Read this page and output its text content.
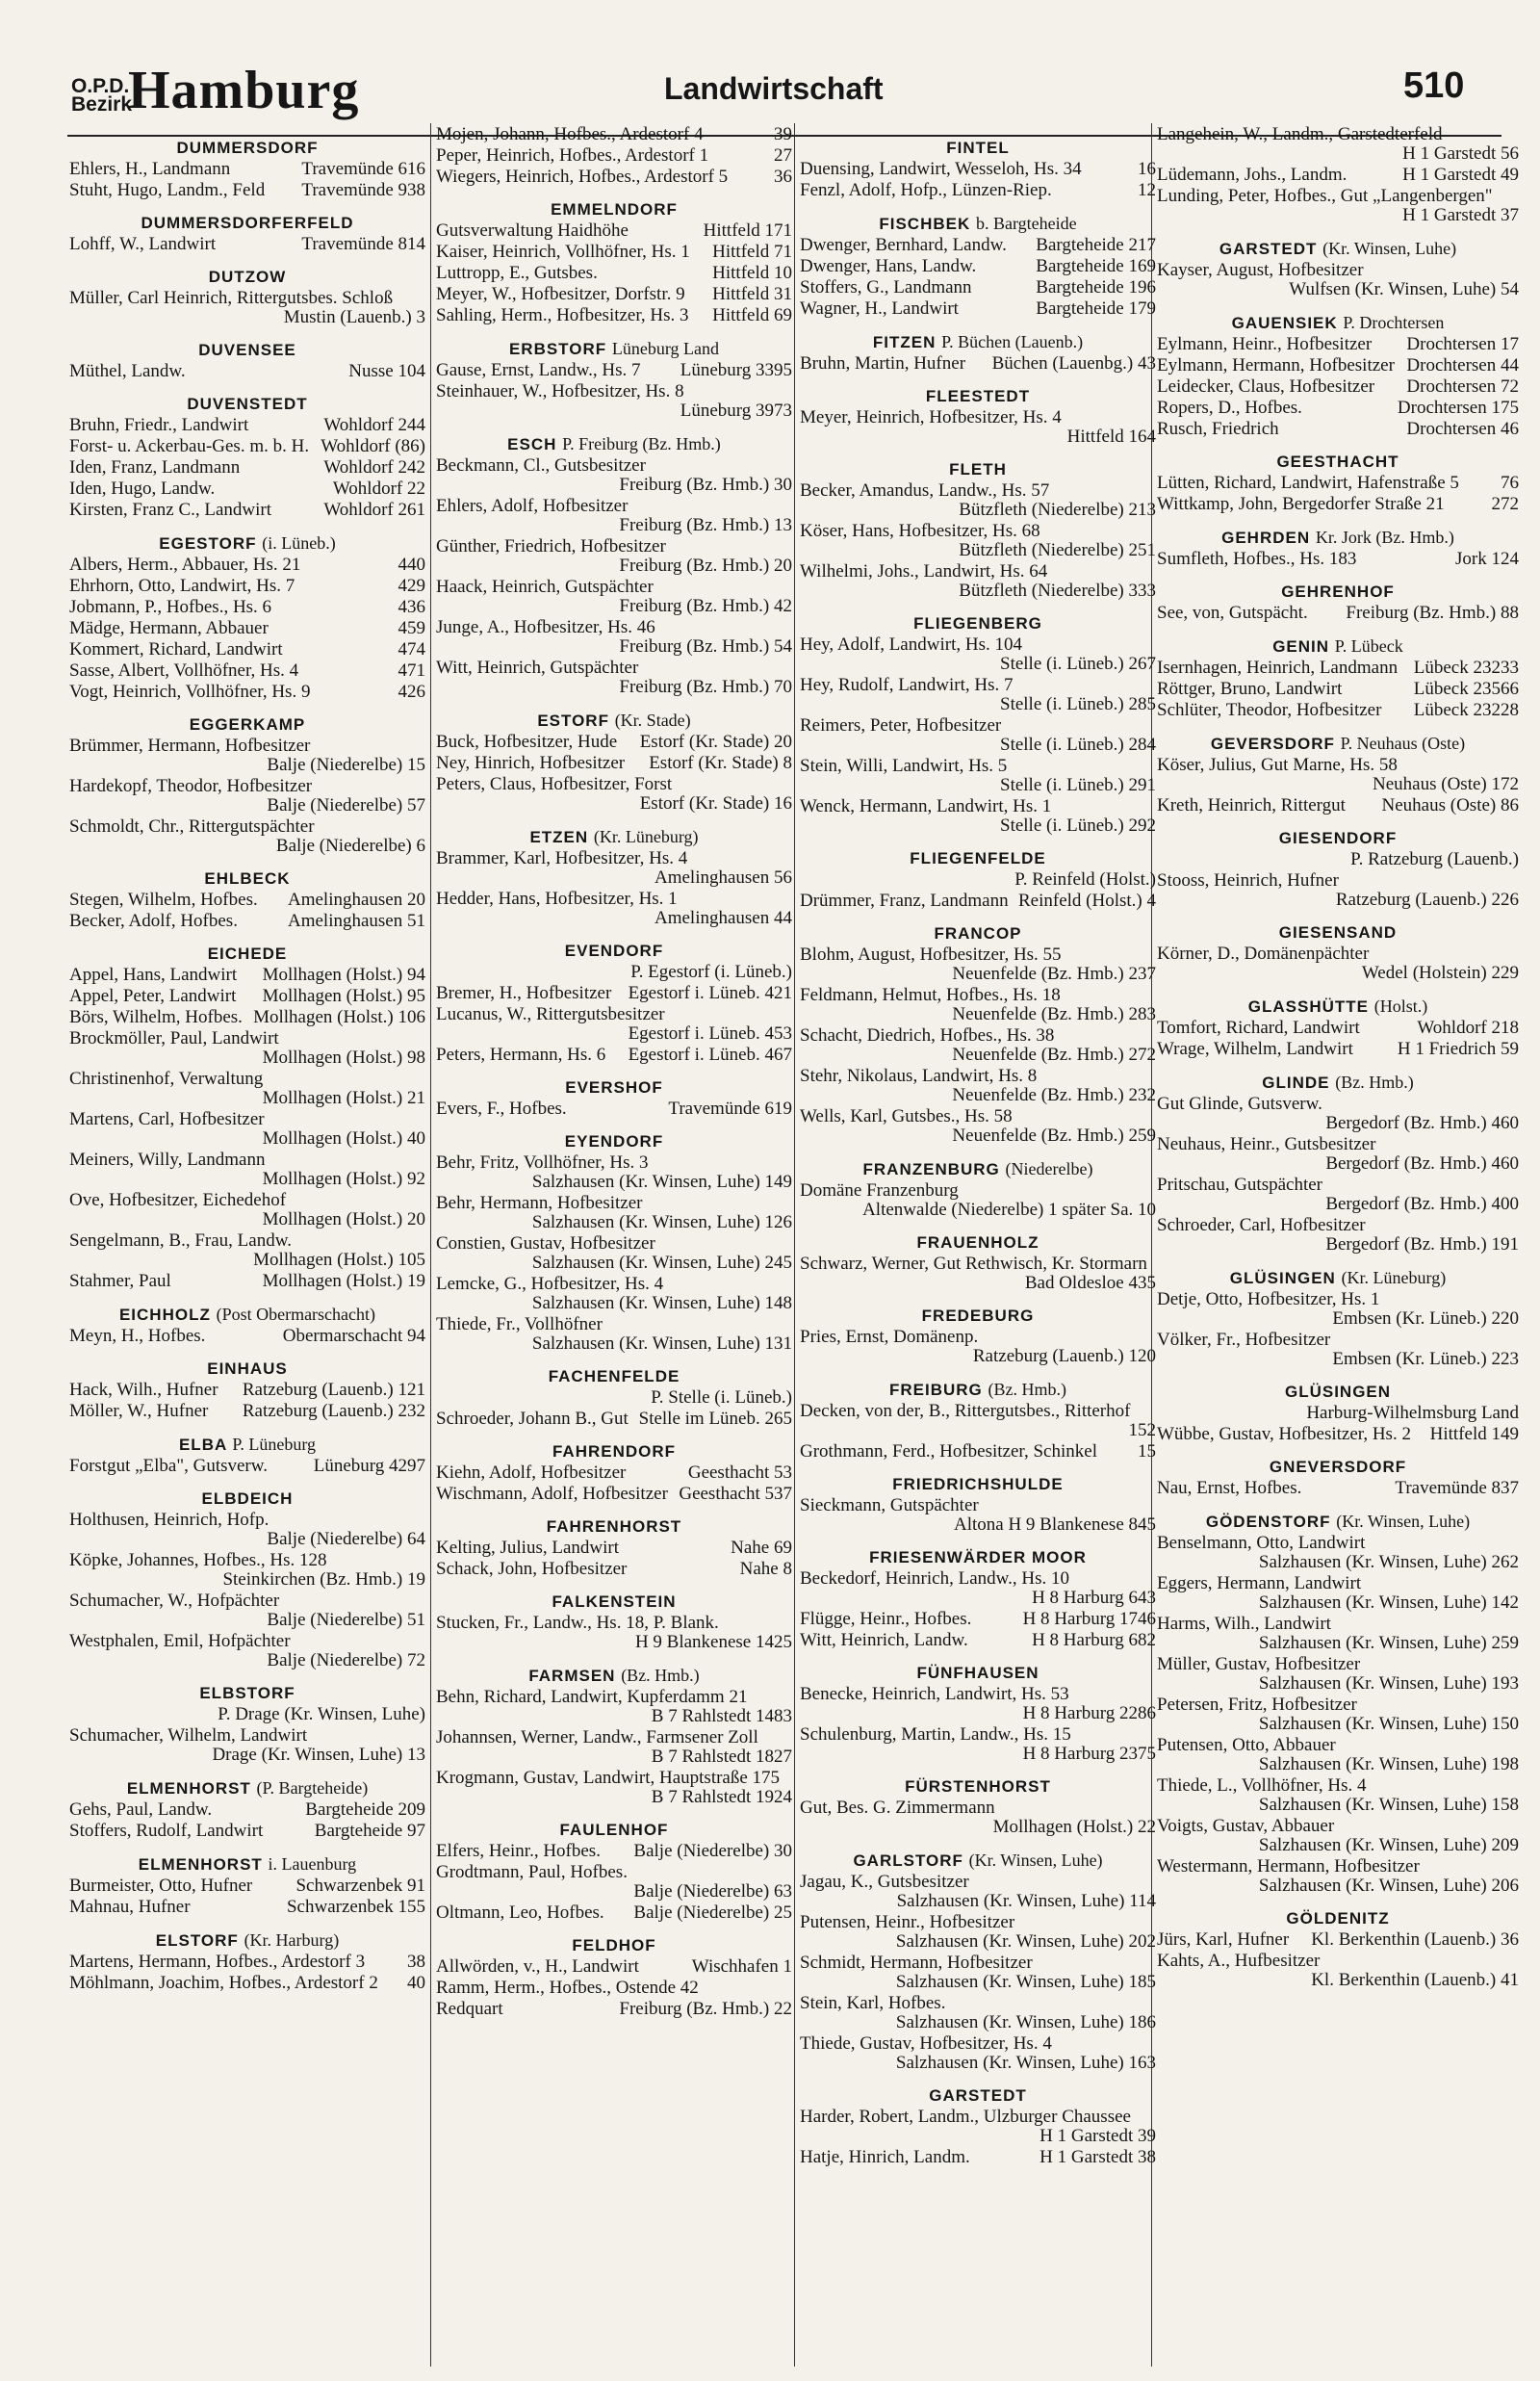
O.P.D.
Bezirk
Hamburg	Landwirtschaft	510
DUMMERSDORF
Ehlers, H., Landmann	Travemünde 616
Stuht, Hugo, Landm., Feld	Travemünde 938
DUMMERSDORFERFELD
Lohff, W., Landwirt	Travemünde 814
DUTZOW
Müller, Carl Heinrich, Rittergutsbes. Schloß
Mustin (Lauenb.) 3
DUVENSEE
Müthel, Landw.	Nusse 104
DUVENSTEDT
Bruhn, Friedr., Landwirt	Wohldorf 244
Forst- u. Ackerbau-Ges. m. b. H. Wohldorf (86)
Iden, Franz, Landmann	Wohldorf 242
Iden, Hugo, Landw.	Wohldorf 22
Kirsten, Franz C., Landwirt	Wohldorf 261
EGESTORF (i. Lüneb.)
Albers, Herm., Abbauer, Hs. 21	440
Ehrhorn, Otto, Landwirt, Hs. 7	429
Jobmann, P., Hofbes., Hs. 6	436
Mädge, Hermann, Abbauer	459
Kommert, Richard, Landwirt	474
Sasse, Albert, Vollhöfner, Hs. 4	471
Vogt, Heinrich, Vollhöfner, Hs. 9	426
EGGERKAMP
Brümmer, Hermann, Hofbesitzer
Balje (Niederelbe) 15
Hardekopf, Theodor, Hofbesitzer
Balje (Niederelbe) 57
Schmoldt, Chr., Rittergutspächter
Balje (Niederelbe) 6
EHLBECK
Stegen, Wilhelm, Hofbes.	Amelinghausen 20
Becker, Adolf, Hofbes.	Amelinghausen 51
EICHEDE
Appel, Hans, Landwirt	Mollhagen (Holst.) 94
Appel, Peter, Landwirt	Mollhagen (Holst.) 95
Börs, Wilhelm, Hofbes. Mollhagen (Holst.) 106
Brockmöller, Paul, Landwirt
Mollhagen (Holst.) 98
Christinenhof, Verwaltung
Mollhagen (Holst.) 21
Martens, Carl, Hofbesitzer
Mollhagen (Holst.) 40
Meiners, Willy, Landmann
Mollhagen (Holst.) 92
Ove, Hofbesitzer, Eichedehof
Mollhagen (Holst.) 20
Sengelmann, B., Frau, Landw.
Mollhagen (Holst.) 105
Stahmer, Paul	Mollhagen (Holst.) 19
EICHHOLZ (Post Obermarschacht)
Meyn, H., Hofbes.	Obermarschacht 94
EINHAUS
Hack, Wilh., Hufner	Ratzeburg (Lauenb.) 121
Möller, W., Hufner	Ratzeburg (Lauenb.) 232
ELBA P. Lüneburg
Forstgut „Elba", Gutsverw.	Lüneburg 4297
ELBDEICH
Holthusen, Heinrich, Hofp.
Balje (Niederelbe) 64
Köpke, Johannes, Hofbes., Hs. 128
Steinkirchen (Bz. Hmb.) 19
Schumacher, W., Hofpächter
Balje (Niederelbe) 51
Westphalen, Emil, Hofpächter
Balje (Niederelbe) 72
ELBSTORF
P. Drage (Kr. Winsen, Luhe)
Schumacher, Wilhelm, Landwirt
Drage (Kr. Winsen, Luhe) 13
ELMENHORST (P. Bargteheide)
Gehs, Paul, Landw.	Bargteheide 209
Stoffers, Rudolf, Landwirt	Bargteheide 97
ELMENHORST i. Lauenburg
Burmeister, Otto, Hufner	Schwarzenbek 91
Mahnau, Hufner	Schwarzenbek 155
ELSTORF (Kr. Harburg)
Martens, Hermann, Hofbes., Ardestorf 3	38
Möhlmann, Joachim, Hofbes., Ardestorf 2	40
Mojen, Johann, Hofbes., Ardestorf 4	39
Peper, Heinrich, Hofbes., Ardestorf 1	27
Wiegers, Heinrich, Hofbes., Ardestorf 5	36
EMMELNDORF
Gutsverwaltung Haidhöhe	Hittfeld 171
Kaiser, Heinrich, Vollhöfner, Hs. 1	Hittfeld 71
Luttropp, E., Gutsbes.	Hittfeld 10
Meyer, W., Hofbesitzer, Dorfstr. 9	Hittfeld 31
Sahling, Herm., Hofbesitzer, Hs. 3	Hittfeld 69
ERBSTORF Lüneburg Land
Gause, Ernst, Landw., Hs. 7	Lüneburg 3395
Steinhauer, W., Hofbesitzer, Hs. 8
Lüneburg 3973
ESCH P. Freiburg (Bz. Hmb.)
Beckmann, Cl., Gutsbesitzer
Freiburg (Bz. Hmb.) 30
Ehlers, Adolf, Hofbesitzer
Freiburg (Bz. Hmb.) 13
Günther, Friedrich, Hofbesitzer
Freiburg (Bz. Hmb.) 20
Haack, Heinrich, Gutspächter
Freiburg (Bz. Hmb.) 42
Junge, A., Hofbesitzer, Hs. 46
Freiburg (Bz. Hmb.) 54
Witt, Heinrich, Gutspächter
Freiburg (Bz. Hmb.) 70
ESTORF (Kr. Stade)
Buck, Hofbesitzer, Hude	Estorf (Kr. Stade) 20
Ney, Hinrich, Hofbesitzer	Estorf (Kr. Stade) 8
Peters, Claus, Hofbesitzer, Forst
Estorf (Kr. Stade) 16
ETZEN (Kr. Lüneburg)
Brammer, Karl, Hofbesitzer, Hs. 4
Amelinghausen 56
Hedder, Hans, Hofbesitzer, Hs. 1
Amelinghausen 44
EVENDORF
P. Egestorf (i. Lüneb.)
Bremer, H., Hofbesitzer Egestorf i. Lüneb. 421
Lucanus, W., Rittergutsbesitzer
Egestorf i. Lüneb. 453
Peters, Hermann, Hs. 6	Egestorf i. Lüneb. 467
EVERSHOF
Evers, F., Hofbes.	Travemünde 619
EYENDORF
Behr, Fritz, Vollhöfner, Hs. 3
Salzhausen (Kr. Winsen, Luhe) 149
Behr, Hermann, Hofbesitzer
Salzhausen (Kr. Winsen, Luhe) 126
Constien, Gustav, Hofbesitzer
Salzhausen (Kr. Winsen, Luhe) 245
Lemcke, G., Hofbesitzer, Hs. 4
Salzhausen (Kr. Winsen, Luhe) 148
Thiede, Fr., Vollhöfner
Salzhausen (Kr. Winsen, Luhe) 131
FACHENFELDE
P. Stelle (i. Lüneb.)
Schroeder, Johann B., Gut Stelle im Lüneb. 265
FAHRENDORF
Kiehn, Adolf, Hofbesitzer	Geesthacht 53
Wischmann, Adolf, Hofbesitzer Geesthacht 537
FAHRENHORST
Kelting, Julius, Landwirt	Nahe 69
Schack, John, Hofbesitzer	Nahe 8
FALKENSTEIN
Stucken, Fr., Landw., Hs. 18, P. Blank.
H 9 Blankenese 1425
FARMSEN (Bz. Hmb.)
Behn, Richard, Landwirt, Kupferdamm 21
B 7 Rahlstedt 1483
Johannsen, Werner, Landw., Farmsener Zoll
B 7 Rahlstedt 1827
Krogmann, Gustav, Landwirt, Hauptstraße 175
B 7 Rahlstedt 1924
FAULENHOF
Elfers, Heinr., Hofbes.	Balje (Niederelbe) 30
Grodtmann, Paul, Hofbes.
Balje (Niederelbe) 63
Oltmann, Leo, Hofbes.	Balje (Niederelbe) 25
FELDHOF
Allwörden, v., H., Landwirt	Wischhafen 1
Ramm, Herm., Hofbes., Ostende 42
Redquart	Freiburg (Bz. Hmb.) 22
FINTEL
Duensing, Landwirt, Wesseloh, Hs. 34	16
Fenzl, Adolf, Hofp., Lünzen-Riep.	12
FISCHBEK b. Bargteheide
Dwenger, Bernhard, Landw.	Bargteheide 217
Dwenger, Hans, Landw.	Bargteheide 169
Stoffers, G., Landmann	Bargteheide 196
Wagner, H., Landwirt	Bargteheide 179
FITZEN P. Büchen (Lauenb.)
Bruhn, Martin, Hufner	Büchen (Lauenbg.) 43
FLEESTEDT
Meyer, Heinrich, Hofbesitzer, Hs. 4
Hittfeld 164
FLETH
Becker, Amandus, Landw., Hs. 57
Bützfleth (Niederelbe) 213
Köser, Hans, Hofbesitzer, Hs. 68
Bützfleth (Niederelbe) 251
Wilhelmi, Johs., Landwirt, Hs. 64
Bützfleth (Niederelbe) 333
FLIEGENBERG
Hey, Adolf, Landwirt, Hs. 104
Stelle (i. Lüneb.) 267
Hey, Rudolf, Landwirt, Hs. 7
Stelle (i. Lüneb.) 285
Reimers, Peter, Hofbesitzer
Stelle (i. Lüneb.) 284
Stein, Willi, Landwirt, Hs. 5
Stelle (i. Lüneb.) 291
Wenck, Hermann, Landwirt, Hs. 1
Stelle (i. Lüneb.) 292
FLIEGENFELDE
P. Reinfeld (Holst.)
Drümmer, Franz, Landmann Reinfeld (Holst.) 4
FRANCOP
Blohm, August, Hofbesitzer, Hs. 55
Neuenfelde (Bz. Hmb.) 237
Feldmann, Helmut, Hofbes., Hs. 18
Neuenfelde (Bz. Hmb.) 283
Schacht, Diedrich, Hofbes., Hs. 38
Neuenfelde (Bz. Hmb.) 272
Stehr, Nikolaus, Landwirt, Hs. 8
Neuenfelde (Bz. Hmb.) 232
Wells, Karl, Gutsbes., Hs. 58
Neuenfelde (Bz. Hmb.) 259
FRANZENBURG (Niederelbe)
Domäne Franzenburg
Altenwalde (Niederelbe) 1 später Sa. 10
FRAUENHOLZ
Schwarz, Werner, Gut Rethwisch, Kr. Stormarn
Bad Oldesloe 435
FREDEBURG
Pries, Ernst, Domänenp.
Ratzeburg (Lauenb.) 120
FREIBURG (Bz. Hmb.)
Decken, von der, B., Rittergutsbes., Ritterhof
152
Grothmann, Ferd., Hofbesitzer, Schinkel	15
FRIEDRICHSHULDE
Sieckmann, Gutspächter
Altona H 9 Blankenese 845
FRIESENWÄRDER MOOR
Beckedorf, Heinrich, Landw., Hs. 10
H 8 Harburg 643
Flügge, Heinr., Hofbes.	H 8 Harburg 1746
Witt, Heinrich, Landw.	H 8 Harburg 682
FÜNFHAUSEN
Benecke, Heinrich, Landwirt, Hs. 53
H 8 Harburg 2286
Schulenburg, Martin, Landw., Hs. 15
H 8 Harburg 2375
FÜRSTENHORST
Gut, Bes. G. Zimmermann
Mollhagen (Holst.) 22
GARLSTORF (Kr. Winsen, Luhe)
Jagau, K., Gutsbesitzer
Salzhausen (Kr. Winsen, Luhe) 114
Putensen, Heinr., Hofbesitzer
Salzhausen (Kr. Winsen, Luhe) 202
Schmidt, Hermann, Hofbesitzer
Salzhausen (Kr. Winsen, Luhe) 185
Stein, Karl, Hofbes.
Salzhausen (Kr. Winsen, Luhe) 186
Thiede, Gustav, Hofbesitzer, Hs. 4
Salzhausen (Kr. Winsen, Luhe) 163
GARSTEDT
Harder, Robert, Landm., Ulzburger Chaussee
H 1 Garstedt 39
Hatje, Hinrich, Landm.	H 1 Garstedt 38
Langehein, W., Landm., Garstedterfeld
H 1 Garstedt 56
Lüdemann, Johs., Landm.	H 1 Garstedt 49
Lunding, Peter, Hofbes., Gut „Langenbergen"
H 1 Garstedt 37
GARSTEDT (Kr. Winsen, Luhe)
Kayser, August, Hofbesitzer
Wulfsen (Kr. Winsen, Luhe) 54
GAUENSIEK P. Drochtersen
Eylmann, Heinr., Hofbesitzer	Drochtersen 17
Eylmann, Hermann, Hofbesitzer Drochtersen 44
Leidecker, Claus, Hofbesitzer	Drochtersen 72
Ropers, D., Hofbes.	Drochtersen 175
Rusch, Friedrich	Drochtersen 46
GEESTHACHT
Lütten, Richard, Landwirt, Hafenstraße 5	76
Wittkamp, John, Bergedorfer Straße 21	272
GEHRDEN Kr. Jork (Bz. Hmb.)
Sumfleth, Hofbes., Hs. 183	Jork 124
GEHRENHOF
See, von, Gutspächt.	Freiburg (Bz. Hmb.) 88
GENIN P. Lübeck
Isernhagen, Heinrich, Landmann Lübeck 23233
Röttger, Bruno, Landwirt	Lübeck 23566
Schlüter, Theodor, Hofbesitzer	Lübeck 23228
GEVERSDORF P. Neuhaus (Oste)
Köser, Julius, Gut Marne, Hs. 58
Neuhaus (Oste) 172
Kreth, Heinrich, Rittergut	Neuhaus (Oste) 86
GIESENDORF
P. Ratzeburg (Lauenb.)
Stooss, Heinrich, Hufner
Ratzeburg (Lauenb.) 226
GIESENSAND
Körner, D., Domänenpächter
Wedel (Holstein) 229
GLASSHÜTTE (Holst.)
Tomfort, Richard, Landwirt	Wohldorf 218
Wrage, Wilhelm, Landwirt	H 1 Friedrich 59
GLINDE (Bz. Hmb.)
Gut Glinde, Gutsverw.
Bergedorf (Bz. Hmb.) 460
Neuhaus, Heinr., Gutsbesitzer
Bergedorf (Bz. Hmb.) 460
Pritschau, Gutspächter
Bergedorf (Bz. Hmb.) 400
Schroeder, Carl, Hofbesitzer
Bergedorf (Bz. Hmb.) 191
GLÜSINGEN (Kr. Lüneburg)
Detje, Otto, Hofbesitzer, Hs. 1
Embsen (Kr. Lüneb.) 220
Völker, Fr., Hofbesitzer
Embsen (Kr. Lüneb.) 223
GLÜSINGEN
Harburg-Wilhelmsburg Land
Wübbe, Gustav, Hofbesitzer, Hs. 2	Hittfeld 149
GNEVERSDORF
Nau, Ernst, Hofbes.	Travemünde 837
GÖDENSTORF (Kr. Winsen, Luhe)
Benselmann, Otto, Landwirt
Salzhausen (Kr. Winsen, Luhe) 262
Eggers, Hermann, Landwirt
Salzhausen (Kr. Winsen, Luhe) 142
Harms, Wilh., Landwirt
Salzhausen (Kr. Winsen, Luhe) 259
Müller, Gustav, Hofbesitzer
Salzhausen (Kr. Winsen, Luhe) 193
Petersen, Fritz, Hofbesitzer
Salzhausen (Kr. Winsen, Luhe) 150
Putensen, Otto, Abbauer
Salzhausen (Kr. Winsen, Luhe) 198
Thiede, L., Vollhöfner, Hs. 4
Salzhausen (Kr. Winsen, Luhe) 158
Voigts, Gustav, Abbauer
Salzhausen (Kr. Winsen, Luhe) 209
Westermann, Hermann, Hofbesitzer
Salzhausen (Kr. Winsen, Luhe) 206
GÖLDENITZ
Jürs, Karl, Hufner	Kl. Berkenthin (Lauenb.) 36
Kahts, A., Hufbesitzer
Kl. Berkenthin (Lauenb.) 41
